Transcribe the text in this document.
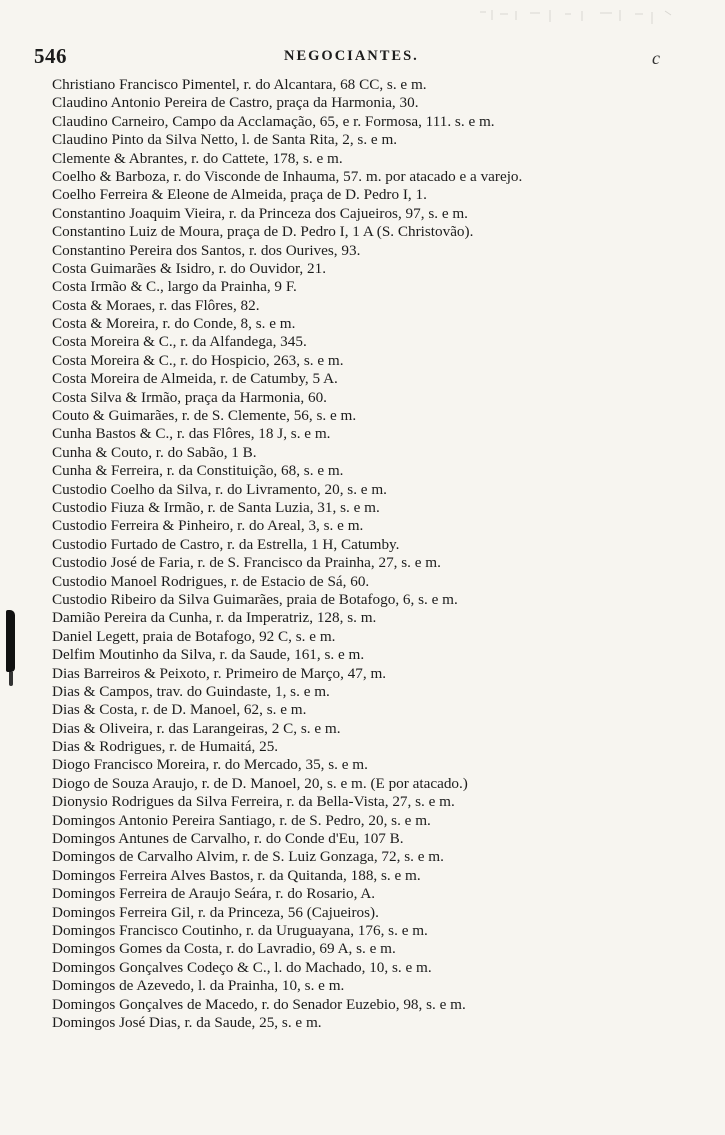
546	NEGOCIANTES.	c
Christiano Francisco Pimentel, r. do Alcantara, 68 CC, s. e m.
Claudino Antonio Pereira de Castro, praça da Harmonia, 30.
Claudino Carneiro, Campo da Acclamação, 65, e r. Formosa, 111. s. e m.
Claudino Pinto da Silva Netto, l. de Santa Rita, 2, s. e m.
Clemente & Abrantes, r. do Cattete, 178, s. e m.
Coelho & Barboza, r. do Visconde de Inhauma, 57. m. por atacado e a varejo.
Coelho Ferreira & Eleone de Almeida, praça de D. Pedro I, 1.
Constantino Joaquim Vieira, r. da Princeza dos Cajueiros, 97, s. e m.
Constantino Luiz de Moura, praça de D. Pedro I, 1 A (S. Christovão).
Constantino Pereira dos Santos, r. dos Ourives, 93.
Costa Guimarães & Isidro, r. do Ouvidor, 21.
Costa Irmão & C., largo da Prainha, 9 F.
Costa & Moraes, r. das Flôres, 82.
Costa & Moreira, r. do Conde, 8, s. e m.
Costa Moreira & C., r. da Alfandega, 345.
Costa Moreira & C., r. do Hospicio, 263, s. e m.
Costa Moreira de Almeida, r. de Catumby, 5 A.
Costa Silva & Irmão, praça da Harmonia, 60.
Couto & Guimarães, r. de S. Clemente, 56, s. e m.
Cunha Bastos & C., r. das Flôres, 18 J, s. e m.
Cunha & Couto, r. do Sabão, 1 B.
Cunha & Ferreira, r. da Constituição, 68, s. e m.
Custodio Coelho da Silva, r. do Livramento, 20, s. e m.
Custodio Fiuza & Irmão, r. de Santa Luzia, 31, s. e m.
Custodio Ferreira & Pinheiro, r. do Areal, 3, s. e m.
Custodio Furtado de Castro, r. da Estrella, 1 H, Catumby.
Custodio José de Faria, r. de S. Francisco da Prainha, 27, s. e m.
Custodio Manoel Rodrigues, r. de Estacio de Sá, 60.
Custodio Ribeiro da Silva Guimarães, praia de Botafogo, 6, s. e m.
Damião Pereira da Cunha, r. da Imperatriz, 128, s. m.
Daniel Legett, praia de Botafogo, 92 C, s. e m.
Delfim Moutinho da Silva, r. da Saude, 161, s. e m.
Dias Barreiros & Peixoto, r. Primeiro de Março, 47, m.
Dias & Campos, trav. do Guindaste, 1, s. e m.
Dias & Costa, r. de D. Manoel, 62, s. e m.
Dias & Oliveira, r. das Larangeiras, 2 C, s. e m.
Dias & Rodrigues, r. de Humaitá, 25.
Diogo Francisco Moreira, r. do Mercado, 35, s. e m.
Diogo de Souza Araujo, r. de D. Manoel, 20, s. e m. (E por atacado.)
Dionysio Rodrigues da Silva Ferreira, r. da Bella-Vista, 27, s. e m.
Domingos Antonio Pereira Santiago, r. de S. Pedro, 20, s. e m.
Domingos Antunes de Carvalho, r. do Conde d'Eu, 107 B.
Domingos de Carvalho Alvim, r. de S. Luiz Gonzaga, 72, s. e m.
Domingos Ferreira Alves Bastos, r. da Quitanda, 188, s. e m.
Domingos Ferreira de Araujo Seára, r. do Rosario, A.
Domingos Ferreira Gil, r. da Princeza, 56 (Cajueiros).
Domingos Francisco Coutinho, r. da Uruguayana, 176, s. e m.
Domingos Gomes da Costa, r. do Lavradio, 69 A, s. e m.
Domingos Gonçalves Codeço & C., l. do Machado, 10, s. e m.
Domingos de Azevedo, l. da Prainha, 10, s. e m.
Domingos Gonçalves de Macedo, r. do Senador Euzebio, 98, s. e m.
Domingos José Dias, r. da Saude, 25, s. e m.
